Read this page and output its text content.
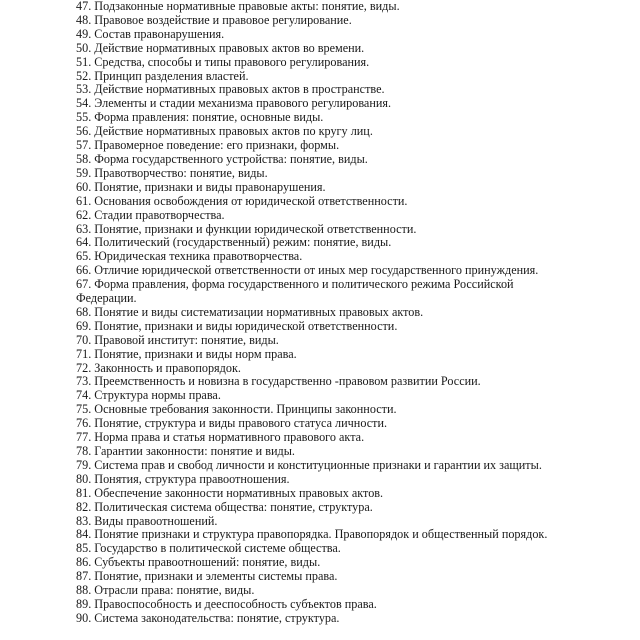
47. Подзаконные нормативные правовые акты: понятие, виды.
48. Правовое воздействие и правовое регулирование.
49. Состав правонарушения.
50. Действие нормативных правовых актов во времени.
51. Средства, способы и типы правового регулирования.
52. Принцип разделения властей.
53. Действие нормативных правовых актов в пространстве.
54. Элементы и стадии механизма правового регулирования.
55. Форма правления: понятие, основные виды.
56. Действие нормативных правовых актов по кругу лиц.
57. Правомерное поведение: его признаки, формы.
58. Форма государственного устройства: понятие, виды.
59. Правотворчество: понятие, виды.
60. Понятие, признаки и виды правонарушения.
61. Основания освобождения от юридической ответственности.
62. Стадии правотворчества.
63. Понятие, признаки и функции юридической ответственности.
64. Политический (государственный) режим: понятие, виды.
65. Юридическая техника правотворчества.
66. Отличие юридической ответственности от иных мер государственного принуждения.
67. Форма правления, форма государственного и политического режима Российской Федерации.
68. Понятие и виды систематизации нормативных правовых актов.
69. Понятие, признаки и виды юридической ответственности.
70. Правовой институт: понятие, виды.
71. Понятие, признаки и виды норм права.
72. Законность и правопорядок.
73. Преемственность и новизна в государственно -правовом развитии России.
74. Структура нормы права.
75. Основные требования законности. Принципы законности.
76. Понятие, структура и виды правового статуса личности.
77. Норма права и статья нормативного правового акта.
78. Гарантии законности: понятие и виды.
79. Система прав и свобод личности и конституционные признаки и гарантии их защиты.
80. Понятия, структура правоотношения.
81. Обеспечение законности нормативных правовых актов.
82. Политическая система общества: понятие, структура.
83. Виды правоотношений.
84. Понятие признаки и структура правопорядка. Правопорядок и общественный порядок.
85. Государство в политической системе общества.
86. Субъекты правоотношений: понятие, виды.
87. Понятие, признаки и элементы системы права.
88. Отрасли права: понятие, виды.
89. Правоспособность и дееспособность субъектов права.
90. Система законодательства: понятие, структура.
